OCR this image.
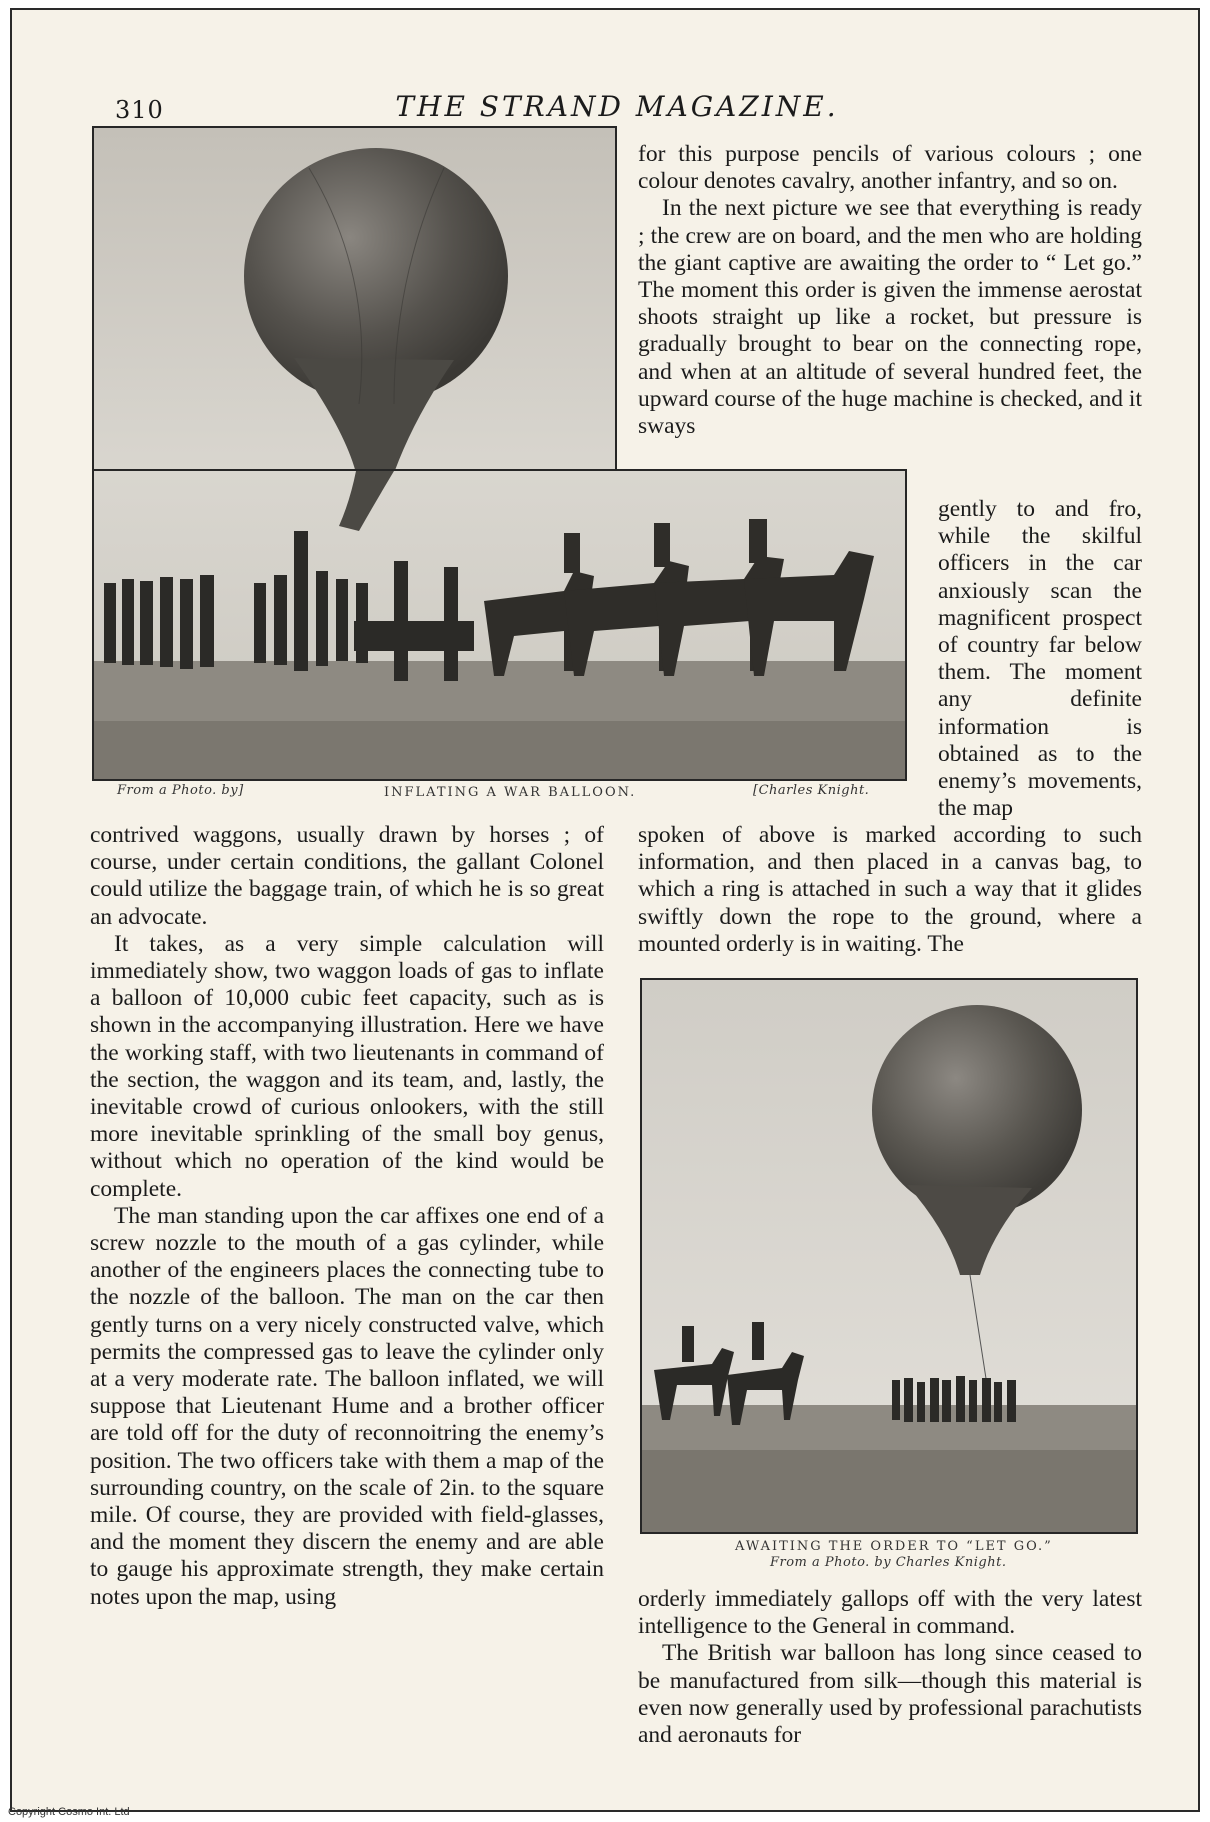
310	THE STRAND MAGAZINE.
From a Photo. by]	INFLATING A WAR BALLOON.	[Charles Knight.

for this purpose pencils of various colours ; one colour denotes cavalry, another infantry, and so on.

In the next picture we see that everything is ready ; the crew are on board, and the men who are holding the giant captive are awaiting the order to “ Let go.” The moment this order is given the immense aerostat shoots straight up like a rocket, but pressure is gradually brought to bear on the connecting rope, and when at an altitude of several hundred feet, the upward course of the huge machine is checked, and it sways

gently to and fro, while the skilful officers in the car anxiously scan the magnificent prospect of country far below them. The moment any definite information is obtained as to the enemy’s movements, the map

spoken of above is marked according to such information, and then placed in a canvas bag, to which a ring is attached in such a way that it glides swiftly down the rope to the ground, where a mounted orderly is in waiting. The

AWAITING THE ORDER TO “LET GO.”
From a Photo. by Charles Knight.

orderly immediately gallops off with the very latest intelligence to the General in command.

The British war balloon has long since ceased to be manufactured from silk—though this material is even now generally used by professional parachutists and aeronauts for

contrived waggons, usually drawn by horses ; of course, under certain conditions, the gallant Colonel could utilize the baggage train, of which he is so great an advocate.

It takes, as a very simple calculation will immediately show, two waggon loads of gas to inflate a balloon of 10,000 cubic feet capacity, such as is shown in the accompanying illustration. Here we have the working staff, with two lieutenants in command of the section, the waggon and its team, and, lastly, the inevitable crowd of curious onlookers, with the still more inevitable sprinkling of the small boy genus, without which no operation of the kind would be complete.

The man standing upon the car affixes one end of a screw nozzle to the mouth of a gas cylinder, while another of the engineers places the connecting tube to the nozzle of the balloon. The man on the car then gently turns on a very nicely constructed valve, which permits the compressed gas to leave the cylinder only at a very moderate rate. The balloon inflated, we will suppose that Lieutenant Hume and a brother officer are told off for the duty of reconnoitring the enemy’s position. The two officers take with them a map of the surrounding country, on the scale of 2in. to the square mile. Of course, they are provided with field-glasses, and the moment they discern the enemy and are able to gauge his approximate strength, they make certain notes upon the map, using

Copyright Cosmo Int. Ltd
